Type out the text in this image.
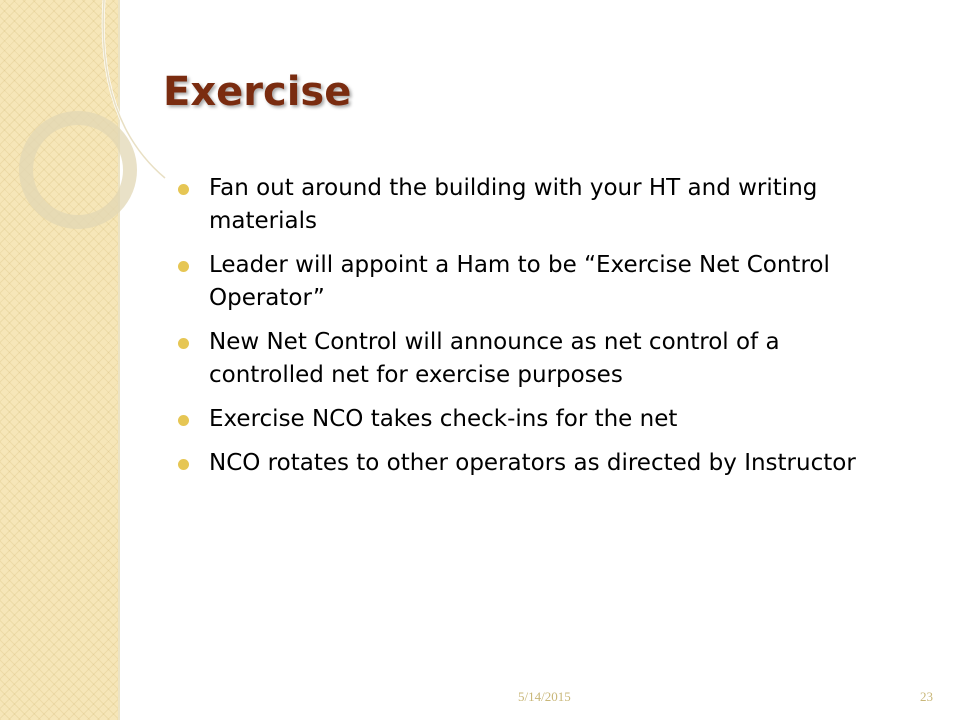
Exercise
Fan out around the building with your HT and writing materials
Leader will appoint a Ham to be “Exercise Net Control Operator”
New Net Control will announce as net control of a controlled net for exercise purposes
Exercise NCO takes check-ins for the net
NCO rotates to other operators as directed by Instructor
5/14/2015	23
